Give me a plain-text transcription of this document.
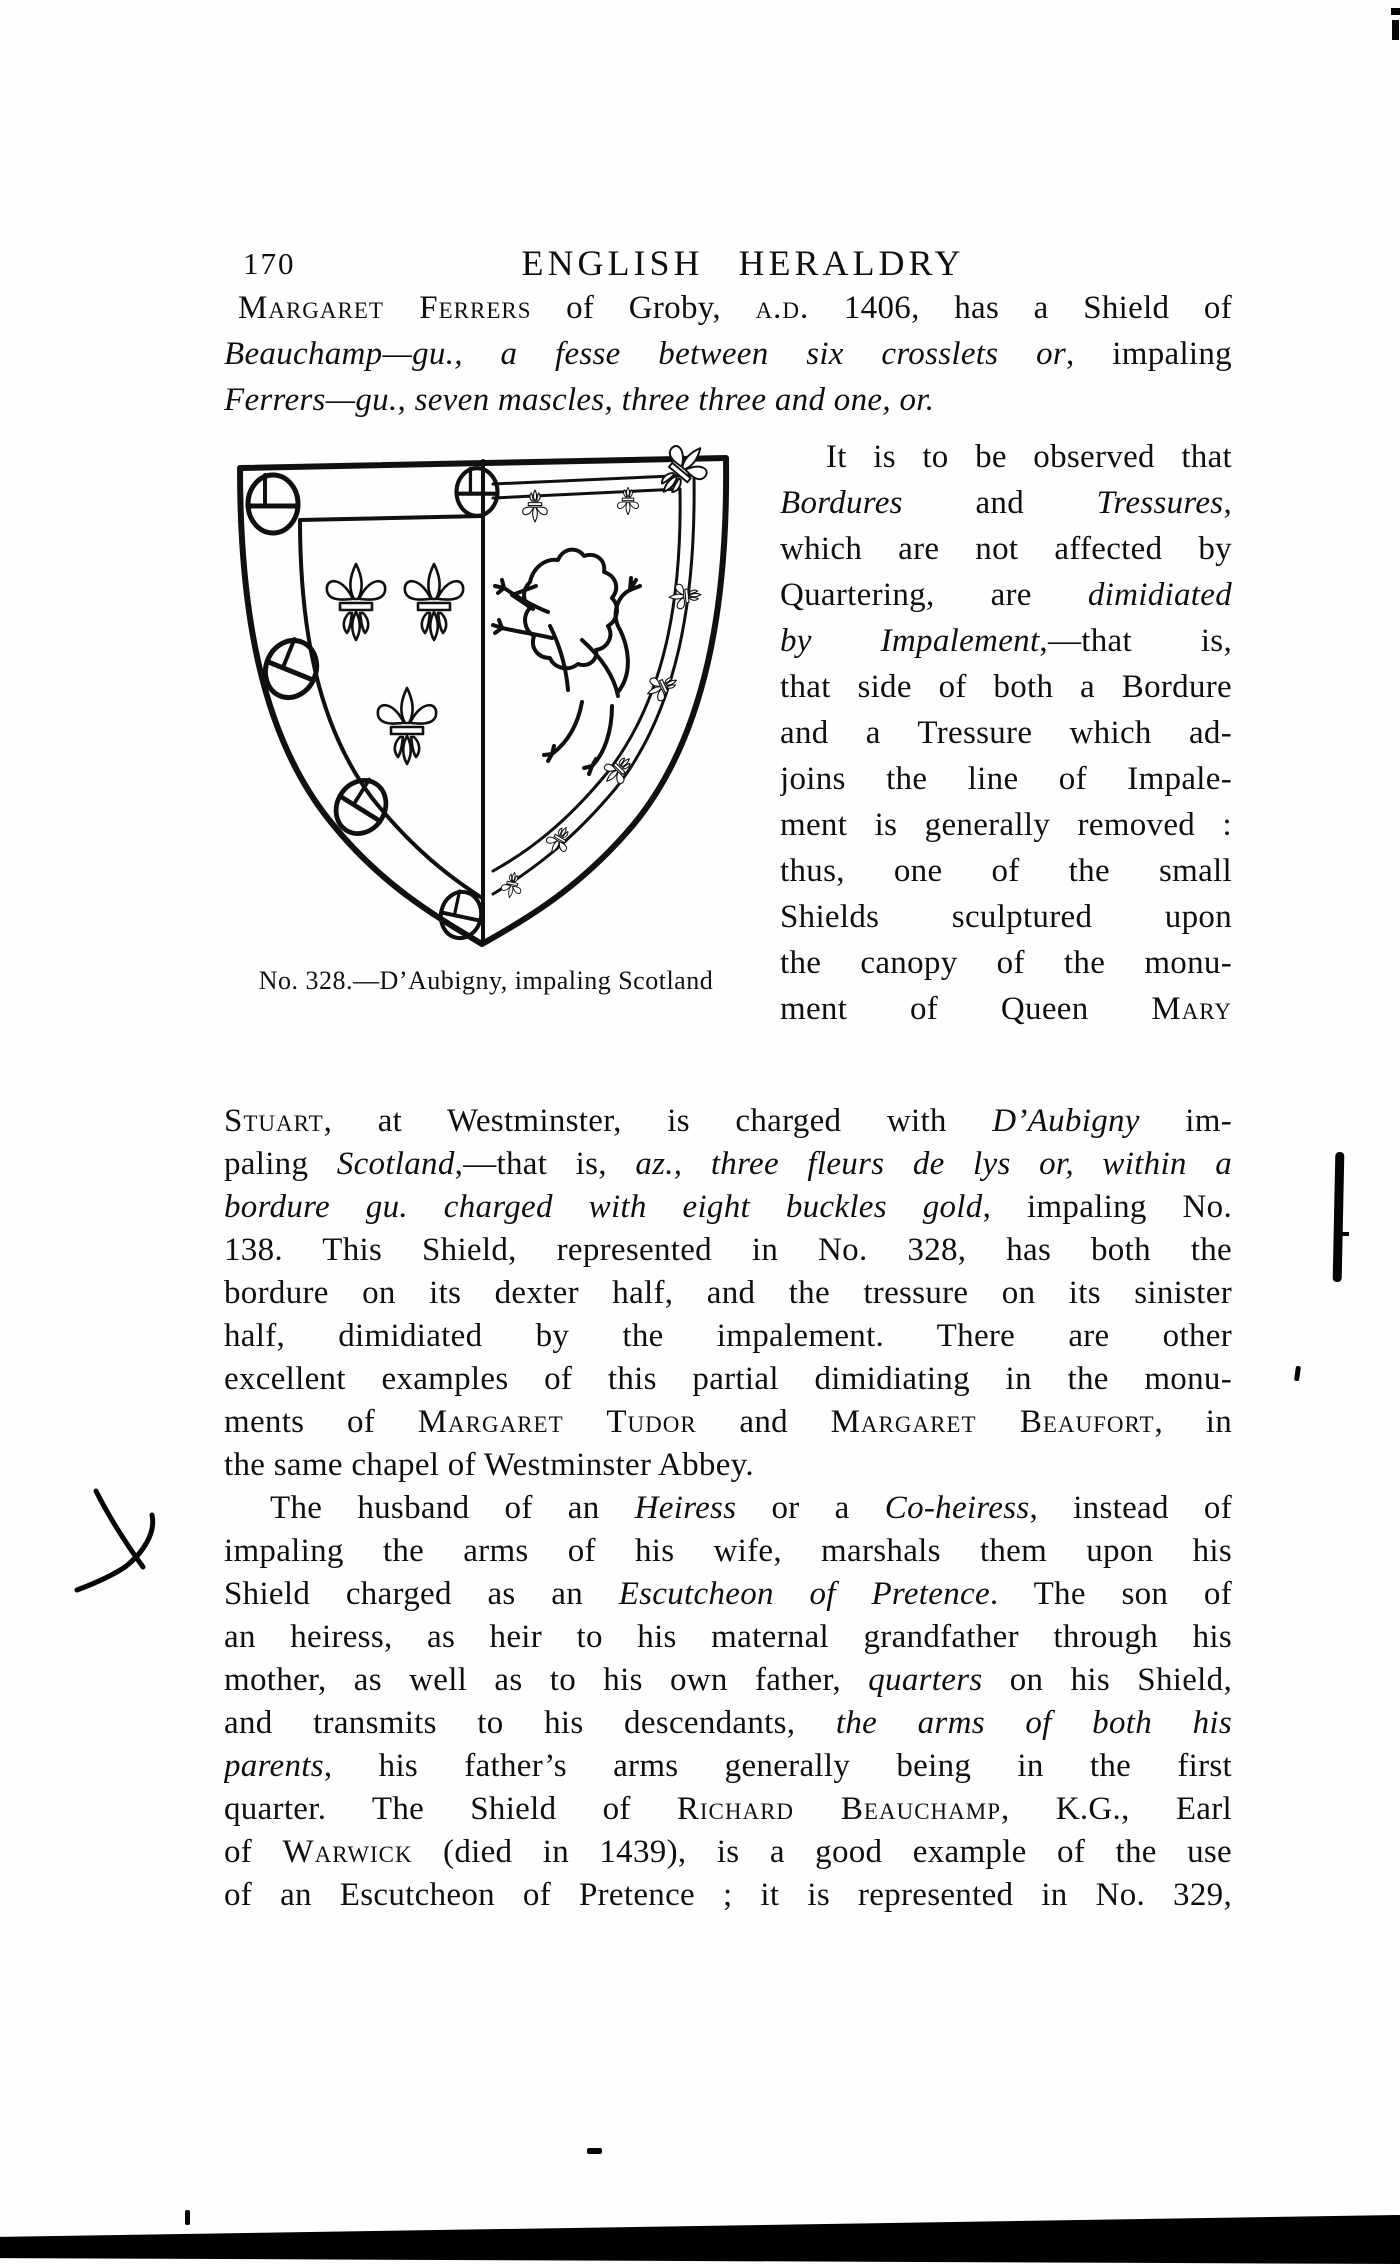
170	ENGLISH HERALDRY
Margaret Ferrers of Groby, a.d. 1406, has a Shield of
Beauchamp—gu., a fesse between six crosslets or, impaling
Ferrers—gu., seven mascles, three three and one, or.
No. 328.—D’Aubigny, impaling Scotland
It is to be observed that
Bordures and Tressures,
which are not affected by
Quartering, are dimidiated
by Impalement,—that is,
that side of both a Bordure
and a Tressure which ad-
joins the line of Impale-
ment is generally removed :
thus, one of the small
Shields sculptured upon
the canopy of the monu-
ment of Queen Mary
Stuart, at Westminster, is charged with D’Aubigny im-
paling Scotland,—that is, az., three fleurs de lys or, within a
bordure gu. charged with eight buckles gold, impaling No.
138. This Shield, represented in No. 328, has both the
bordure on its dexter half, and the tressure on its sinister
half, dimidiated by the impalement. There are other
excellent examples of this partial dimidiating in the monu-
ments of Margaret Tudor and Margaret Beaufort, in
the same chapel of Westminster Abbey.
The husband of an Heiress or a Co-heiress, instead of
impaling the arms of his wife, marshals them upon his
Shield charged as an Escutcheon of Pretence. The son of
an heiress, as heir to his maternal grandfather through his
mother, as well as to his own father, quarters on his Shield,
and transmits to his descendants, the arms of both his
parents, his father’s arms generally being in the first
quarter. The Shield of Richard Beauchamp, K.G., Earl
of Warwick (died in 1439), is a good example of the use
of an Escutcheon of Pretence ; it is represented in No. 329,
